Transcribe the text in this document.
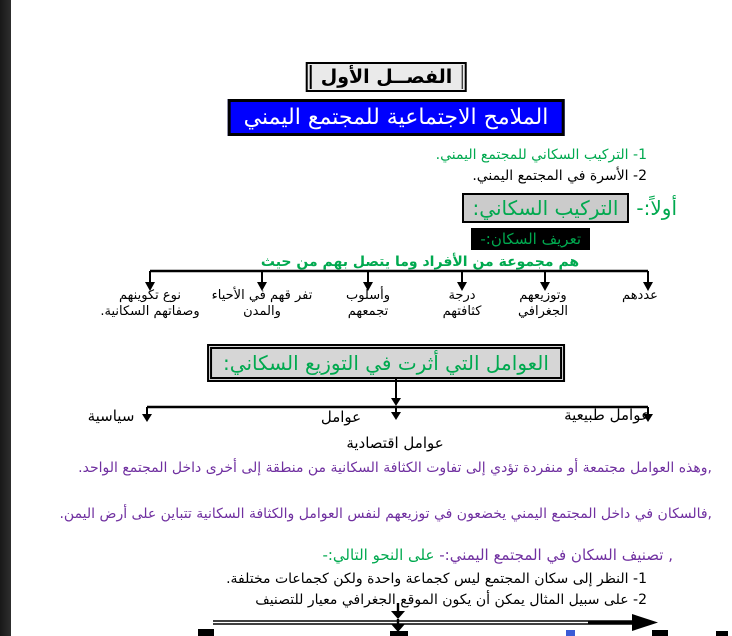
الفصــل الأول
الملامح الاجتماعية للمجتمع اليمني
1- التركيب السكاني للمجتمع اليمني.
2- الأسرة في المجتمع اليمني.
أولاً:-
التركيب السكاني:
تعريف السكان:-
هم مجموعة من الأفراد وما يتصل بهم من حيث
عددهم
وتوزيعهم
الجغرافي
درجة
كثافتهم
وأسلوب
تجمعهم
تفر قهم في الأحياء
والمدن
نوع تكوينهم
وصفاتهم السكانية.
العوامل التي أثرت في التوزيع السكاني:
عوامل طبيعية
عوامل
سياسية
عوامل اقتصادية
,وهذه العوامل مجتمعة أو منفردة تؤدي إلى تفاوت الكثافة السكانية من منطقة إلى أخرى داخل المجتمع الواحد.
,فالسكان في داخل المجتمع اليمني يخضعون في توزيعهم لنفس العوامل والكثافة السكانية تتباين على أرض اليمن.
, تصنيف السكان في المجتمع اليمني:- على النحو التالي:-
1- النظر إلى سكان المجتمع ليس كجماعة واحدة ولكن كجماعات مختلفة.
2- على سبيل المثال يمكن أن يكون الموقع الجغرافي معيار للتصنيف
